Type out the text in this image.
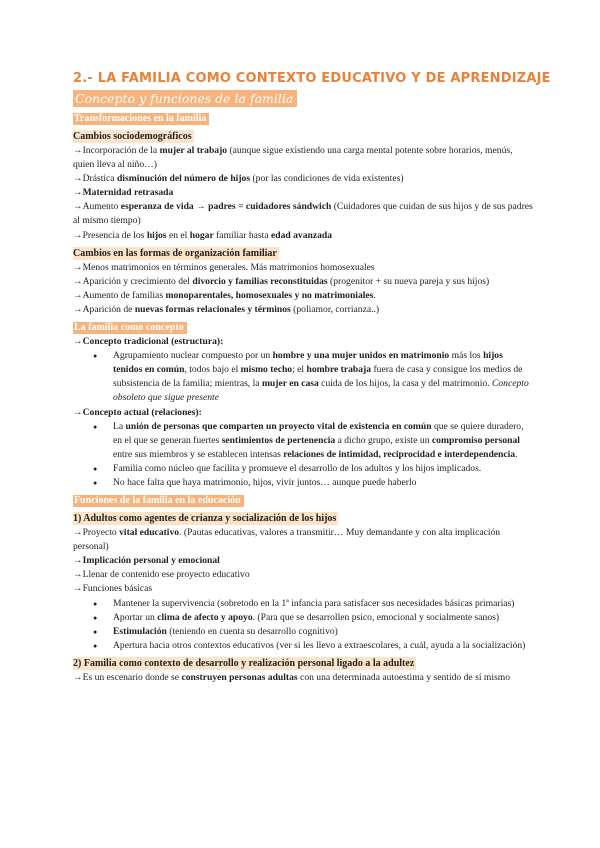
2.- LA FAMILIA COMO CONTEXTO EDUCATIVO Y DE APRENDIZAJE
Concepto y funciones de la familia
Transformaciones en la familia
Cambios sociodemográficos

→Incorporación de la mujer al trabajo (aunque sigue existiendo una carga mental potente sobre horarios, menús, quien lleva al niño…)

→Drástica disminución del número de hijos (por las condiciones de vida existentes)

→Maternidad retrasada

→Aumento esperanza de vida → padres = cuidadores sándwich (Cuidadores que cuidan de sus hijos y de sus padres al mismo tiempo)

→Presencia de los hijos en el hogar familiar hasta edad avanzada

Cambios en las formas de organización familiar

→Menos matrimonios en términos generales. Más matrimonios homosexuales

→Aparición y crecimiento del divorcio y familias reconstituidas (progenitor + su nueva pareja y sus hijos)

→Aumento de familias monoparentales, homosexuales y no matrimoniales.

→Aparición de nuevas formas relacionales y términos (poliamor, corrianza..)

La familia como concepto

→Concepto tradicional (estructura):

● Agrupamiento nuclear compuesto por un hombre y una mujer unidos en matrimonio más los hijos tenidos en común, todos bajo el mismo techo; el hombre trabaja fuera de casa y consigue los medios de subsistencia de la familia; mientras, la mujer en casa cuida de los hijos, la casa y del matrimonio. Concepto obsoleto que sigue presente

→Concepto actual (relaciones):

● La unión de personas que comparten un proyecto vital de existencia en común que se quiere duradero, en el que se generan fuertes sentimientos de pertenencia a dicho grupo, existe un compromiso personal entre sus miembros y se establecen intensas relaciones de intimidad, reciprocidad e interdependencia.
● Familia como núcleo que facilita y promueve el desarrollo de los adultos y los hijos implicados.
● No hace falta que haya matrimonio, hijos, vivir juntos… aunque puede haberlo
Funciones de la familia en la educación
1) Adultos como agentes de crianza y socialización de los hijos

→Proyecto vital educativo. (Pautas educativas, valores a transmitir… Muy demandante y con alta implicación personal)

→Implicación personal y emocional

→Llenar de contenido ese proyecto educativo

→Funciones básicas

● Mantener la supervivencia (sobretodo en la 1ª infancia para satisfacer sus necesidades básicas primarias)
● Aportar un clima de afecto y apoyo. (Para que se desarrollen psico, emocional y socialmente sanos)
● Estimulación (teniendo en cuenta su desarrollo cognitivo)
● Apertura hacia otros contextos educativos (ver si les llevo a extraescolares, a cuál, ayuda a la socialización)
2) Familia como contexto de desarrollo y realización personal ligado a la adultez

→Es un escenario donde se construyen personas adultas con una determinada autoestima y sentido de sí mismo
